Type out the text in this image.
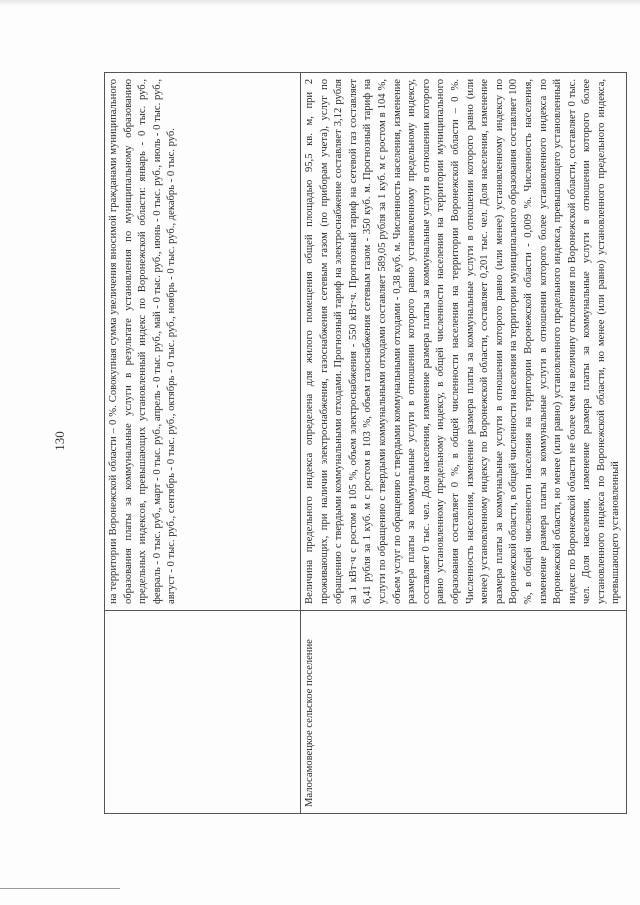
130

	на территории Воронежской области – 0 %. Совокупная сумма увеличения вносимой гражданами муниципального образования платы за коммунальные услуги в результате установления по муниципальному образованию предельных индексов, превышающих установленный индекс по Воронежской области: январь - 0 тыс. руб., февраль - 0 тыс. руб., март - 0 тыс. руб., апрель - 0 тыс. руб., май - 0 тыс. руб., июнь - 0 тыс. руб., июль - 0 тыс. руб., август - 0 тыс. руб., сентябрь - 0 тыс. руб., октябрь - 0 тыс. руб., ноябрь - 0 тыс. руб., декабрь - 0 тыс. руб.

Малосамовецкое сельское поселение	Величина предельного индекса определена для жилого помещения общей площадью 95,5 кв. м, при 2 проживающих, при наличии электроснабжения, газоснабжения сетевым газом (по приборам учета), услуг по обращению с твердыми коммунальными отходами. Прогнозный тариф на электроснабжение составляет 3,12 рубля за 1 кВт·ч с ростом в 105 %, объем электроснабжения - 550 кВт·ч. Прогнозный тариф на сетевой газ составляет 6,41 рубля за 1 куб. м с ростом в 103 %, объем газоснабжения сетевым газом - 350 куб. м. Прогнозный тариф на услуги по обращению с твердыми коммунальными отходами составляет 589,05 рубля за 1 куб. м с ростом в 104 %, объем услуг по обращению с твердыми коммунальными отходами - 0,38 куб. м. Численность населения, изменение размера платы за коммунальные услуги в отношении которого равно установленному предельному индексу, составляет 0 тыс. чел. Доля населения, изменение размера платы за коммунальные услуги в отношении которого равно установленному предельному индексу, в общей численности населения на территории муниципального образования составляет 0 %, в общей численности населения на территории Воронежской области – 0 %. Численность населения, изменение размера платы за коммунальные услуги в отношении которого равно (или менее) установленному индексу по Воронежской области, составляет 0,201 тыс. чел. Доля населения, изменение размера платы за коммунальные услуги в отношении которого равно (или менее) установленному индексу по Воронежской области, в общей численности населения на территории муниципального образования составляет 100 %, в общей численности населения на территории Воронежской области - 0,009 %. Численность населения, изменение размера платы за коммунальные услуги в отношении которого более установленного индекса по Воронежской области, но менее (или равно) установленного предельного индекса, превышающего установленный индекс по Воронежской области не более чем на величину отклонения по Воронежской области, составляет 0 тыс. чел. Доля населения, изменение размера платы за коммунальные услуги в отношении которого более установленного индекса по Воронежской области, но менее (или равно) установленного предельного индекса, превышающего установленный
